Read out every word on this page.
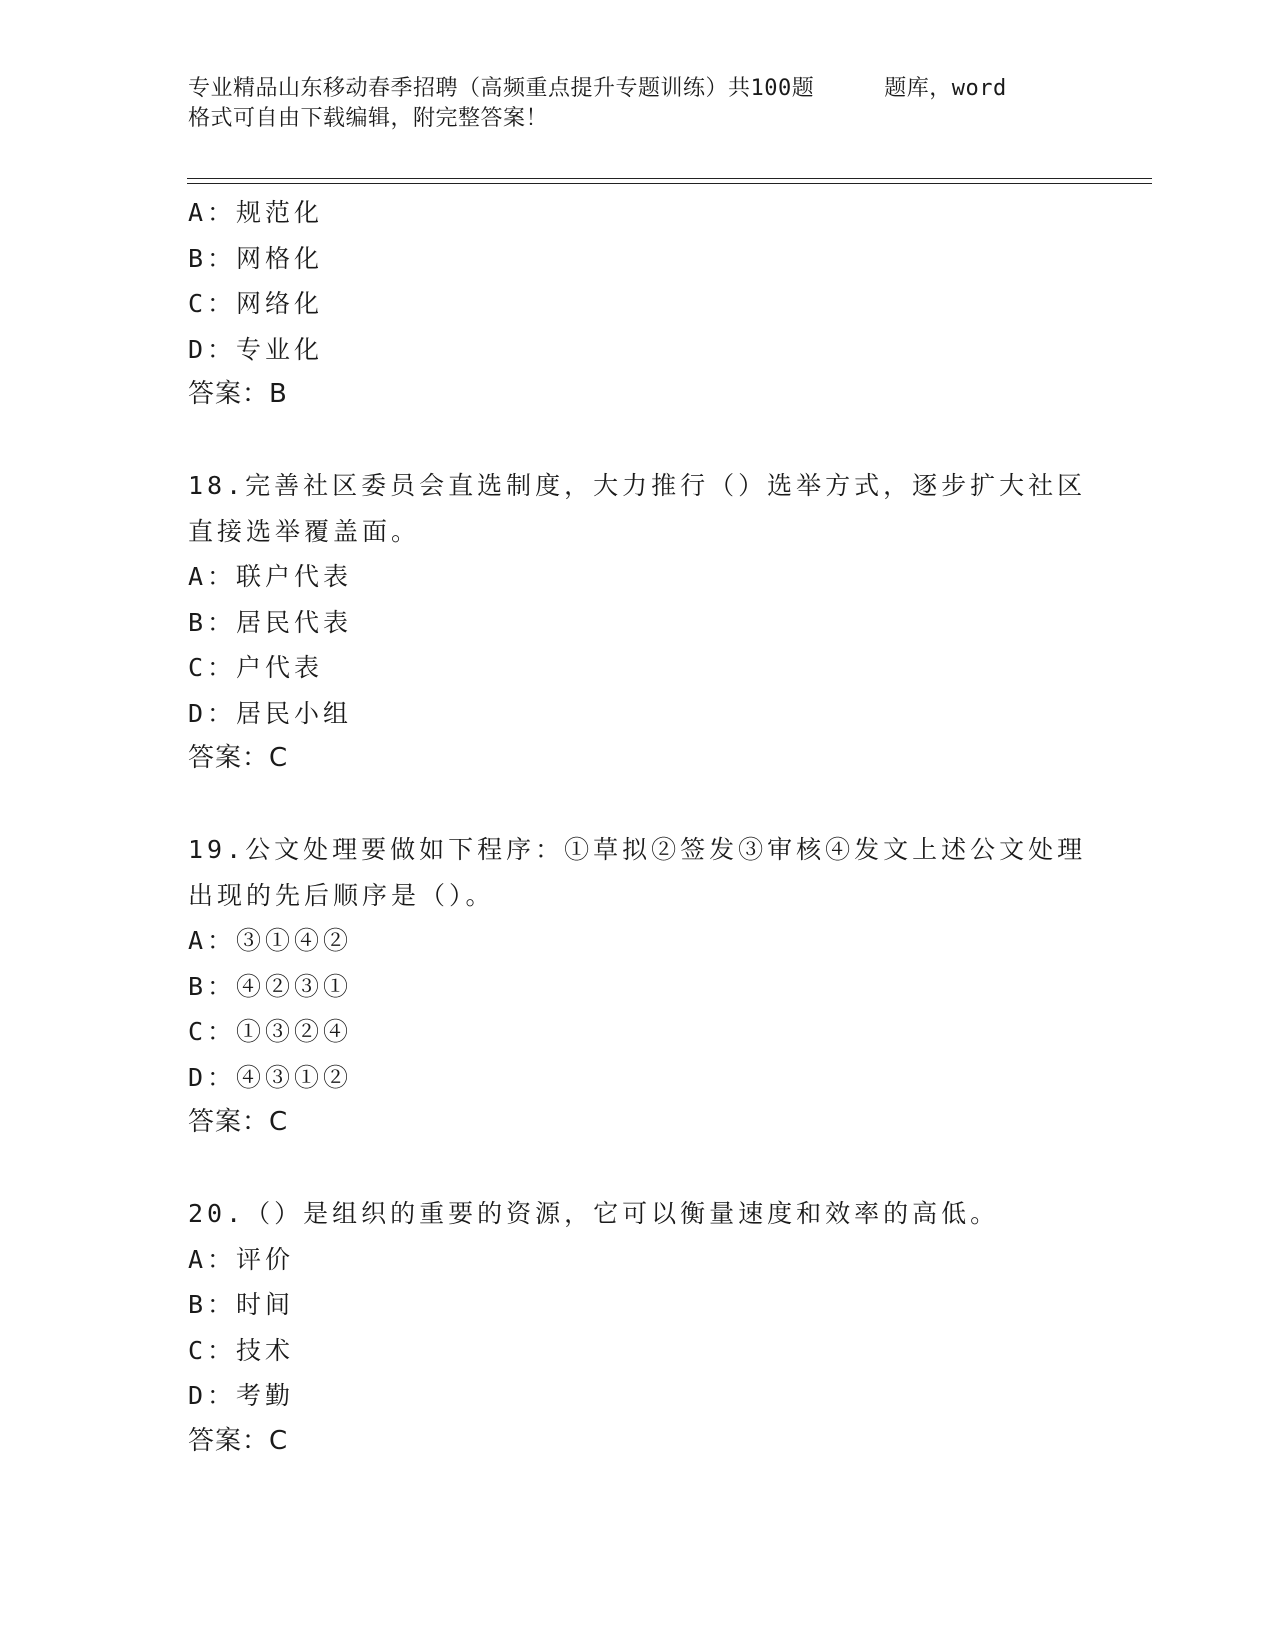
专业精品山东移动春季招聘（高频重点提升专题训练）共100题	题库，word
格式可自由下载编辑，附完整答案！
A：规范化
B：网格化
C：网络化
D：专业化
答案：B
18.完善社区委员会直选制度，大力推行（）选举方式，逐步扩大社区
直接选举覆盖面。
A：联户代表
B：居民代表
C：户代表
D：居民小组
答案：C
19.公文处理要做如下程序：①草拟②签发③审核④发文上述公文处理
出现的先后顺序是（）。
A：③①④②
B：④②③①
C：①③②④
D：④③①②
答案：C
20.（）是组织的重要的资源，它可以衡量速度和效率的高低。
A：评价
B：时间
C：技术
D：考勤
答案：C
